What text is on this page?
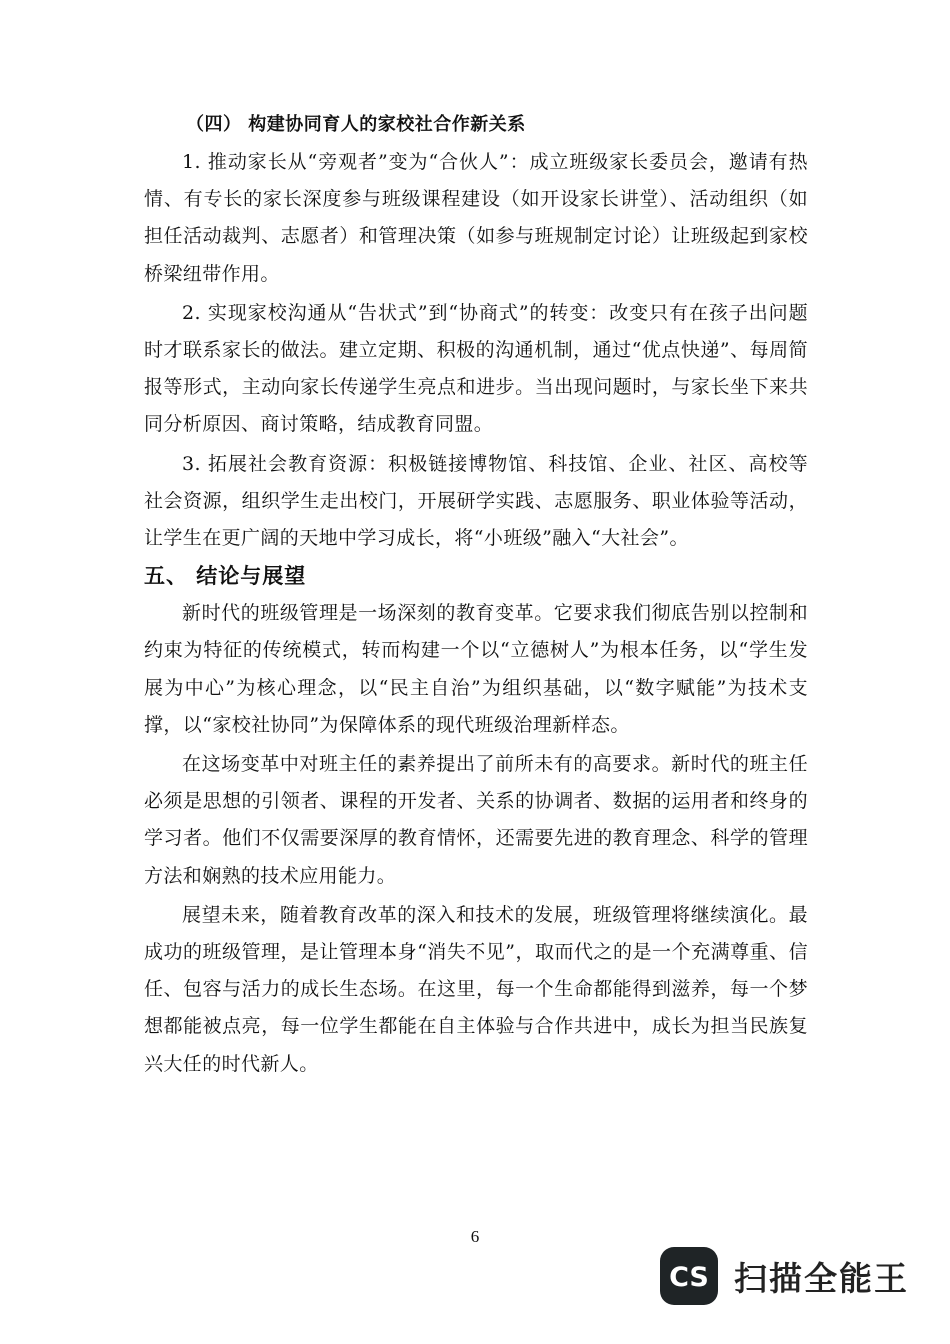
（四） 构建协同育人的家校社合作新关系

1. 推动家长从“旁观者”变为“合伙人”：成立班级家长委员会，邀请有热情、有专长的家长深度参与班级课程建设（如开设家长讲堂）、活动组织（如担任活动裁判、志愿者）和管理决策（如参与班规制定讨论）让班级起到家校桥梁纽带作用。

2. 实现家校沟通从“告状式”到“协商式”的转变：改变只有在孩子出问题时才联系家长的做法。建立定期、积极的沟通机制，通过“优点快递”、每周简报等形式，主动向家长传递学生亮点和进步。当出现问题时，与家长坐下来共同分析原因、商讨策略，结成教育同盟。

3. 拓展社会教育资源：积极链接博物馆、科技馆、企业、社区、高校等社会资源，组织学生走出校门，开展研学实践、志愿服务、职业体验等活动，让学生在更广阔的天地中学习成长，将“小班级”融入“大社会”。

五、 结论与展望

新时代的班级管理是一场深刻的教育变革。它要求我们彻底告别以控制和约束为特征的传统模式，转而构建一个以“立德树人”为根本任务，以“学生发展为中心”为核心理念，以“民主自治”为组织基础，以“数字赋能”为技术支撑，以“家校社协同”为保障体系的现代班级治理新样态。

在这场变革中对班主任的素养提出了前所未有的高要求。新时代的班主任必须是思想的引领者、课程的开发者、关系的协调者、数据的运用者和终身的学习者。他们不仅需要深厚的教育情怀，还需要先进的教育理念、科学的管理方法和娴熟的技术应用能力。

展望未来，随着教育改革的深入和技术的发展，班级管理将继续演化。最成功的班级管理，是让管理本身“消失不见”，取而代之的是一个充满尊重、信任、包容与活力的成长生态场。在这里，每一个生命都能得到滋养，每一个梦想都能被点亮，每一位学生都能在自主体验与合作共进中，成长为担当民族复兴大任的时代新人。

6
CS 扫描全能王
